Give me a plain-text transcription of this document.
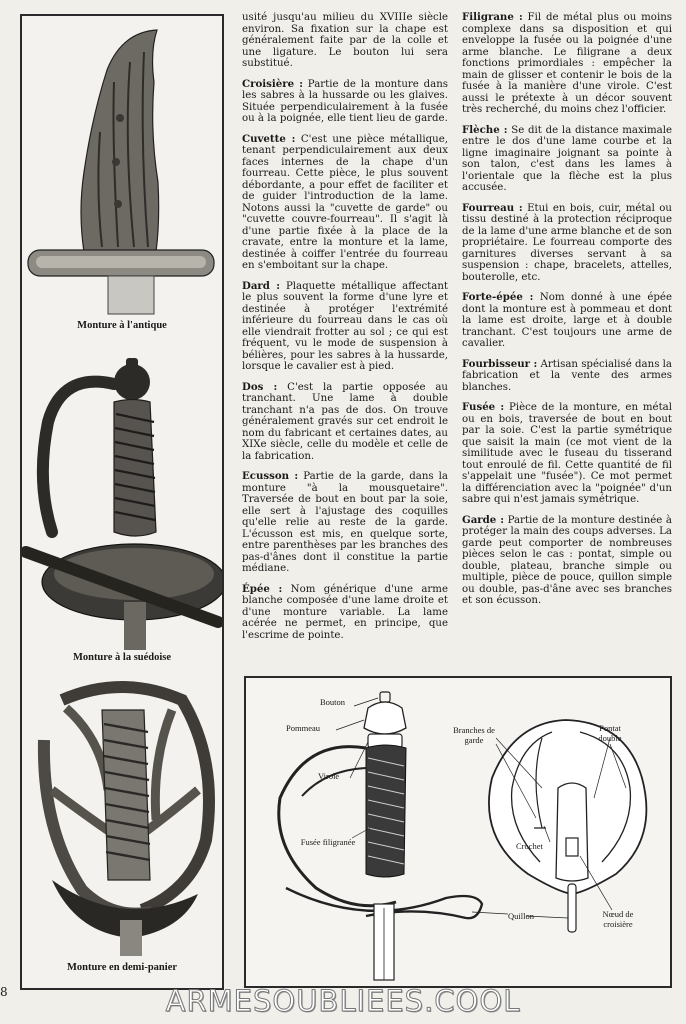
Monture à l'antique
Monture à la suédoise
Monture en demi-panier

usité jusqu'au milieu du XVIIIe siècle environ. Sa fixation sur la chape est généralement faite par de la colle et une ligature. Le bouton lui sera substitué.

Croisière : Partie de la monture dans les sabres à la hussarde ou les glaives. Située perpendiculairement à la fusée ou à la poignée, elle tient lieu de garde.

Cuvette : C'est une pièce métallique, tenant perpendiculairement aux deux faces internes de la chape d'un fourreau. Cette pièce, le plus souvent débordante, a pour effet de faciliter et de guider l'introduction de la lame. Notons aussi la "cuvette de garde" ou "cuvette couvre-fourreau". Il s'agit là d'une partie fixée à la place de la cravate, entre la monture et la lame, destinée à coiffer l'entrée du fourreau en s'emboitant sur la chape.

Dard : Plaquette métallique affectant le plus souvent la forme d'une lyre et destinée à protéger l'extrémité inférieure du fourreau dans le cas où elle viendrait frotter au sol ; ce qui est fréquent, vu le mode de suspension à bélières, pour les sabres à la hussarde, lorsque le cavalier est à pied.

Dos : C'est la partie opposée au tranchant. Une lame à double tranchant n'a pas de dos. On trouve généralement gravés sur cet endroit le nom du fabricant et certaines dates, au XIXe siècle, celle du modèle et celle de la fabrication.

Ecusson : Partie de la garde, dans la monture "à la mousquetaire". Traversée de bout en bout par la soie, elle sert à l'ajustage des coquilles qu'elle relie au reste de la garde. L'écusson est mis, en quelque sorte, entre parenthèses par les branches des pas-d'ânes dont il constitue la partie médiane.

Épée : Nom générique d'une arme blanche composée d'une lame droite et d'une monture variable. La lame acérée ne permet, en principe, que l'escrime de pointe.

Filigrane : Fil de métal plus ou moins complexe dans sa disposition et qui enveloppe la fusée ou la poignée d'une arme blanche. Le filigrane a deux fonctions primordiales : empêcher la main de glisser et contenir le bois de la fusée à la manière d'une virole. C'est aussi le prétexte à un décor souvent très recherché, du moins chez l'officier.

Flèche : Se dit de la distance maximale entre le dos d'une lame courbe et la ligne imaginaire joignant sa pointe à son talon, c'est dans les lames à l'orientale que la flèche est la plus accusée.

Fourreau : Etui en bois, cuir, métal ou tissu destiné à la protection réciproque de la lame d'une arme blanche et de son propriétaire. Le fourreau comporte des garnitures diverses servant à sa suspension : chape, bracelets, attelles, bouterolle, etc.

Forte-épée : Nom donné à une épée dont la monture est à pommeau et dont la lame est droite, large et à double tranchant. C'est toujours une arme de cavalier.

Fourbisseur : Artisan spécialisé dans la fabrication et la vente des armes blanches.

Fusée : Pièce de la monture, en métal ou en bois, traversée de bout en bout par la soie. C'est la partie symétrique que saisit la main (ce mot vient de la similitude avec le fuseau du tisserand tout enroulé de fil. Cette quantité de fil s'appelait une "fusée"). Ce mot permet la différenciation avec la "poignée" d'un sabre qui n'est jamais symétrique.

Garde : Partie de la monture destinée à protéger la main des coups adverses. La garde peut comporter de nombreuses pièces selon le cas : pontat, simple ou double, plateau, branche simple ou multiple, pièce de pouce, quillon simple ou double, pas-d'âne avec ses branches et son écusson.

Bouton
Pommeau
Virole
Fusée filigranée
Branches de garde
Pontat double
Crochet
Quillon	Nœud de croisière
8	ARMESOUBLIEES.COOL
